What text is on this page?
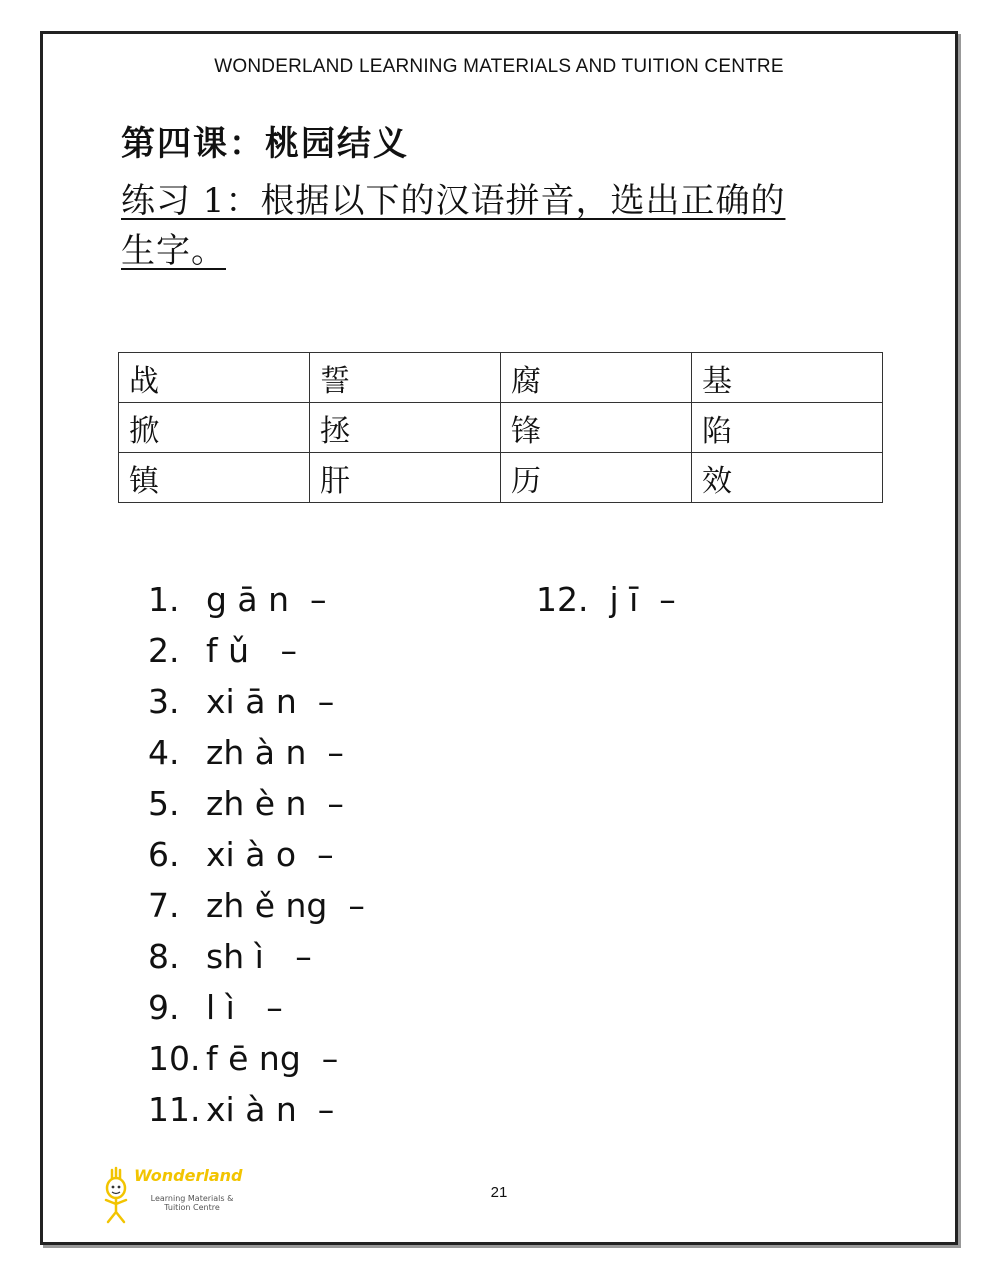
WONDERLAND LEARNING MATERIALS AND TUITION CENTRE
第四课：桃园结义
练习 1：根据以下的汉语拼音，选出正确的
生字。
战	誓	腐	基
掀	拯	锋	陷
镇	肝	历	效
1. g ā n  –
2. f ǔ   –
3. xi ā n  –
4. zh à n  –
5. zh è n  –
6. xi à o  –
7. zh ě ng  –
8. sh ì   –
9. l ì   –
10. f ē ng  –
11. xi à n  –
12. j ī  –
Wonderland
Learning Materials &
Tuition Centre
21
